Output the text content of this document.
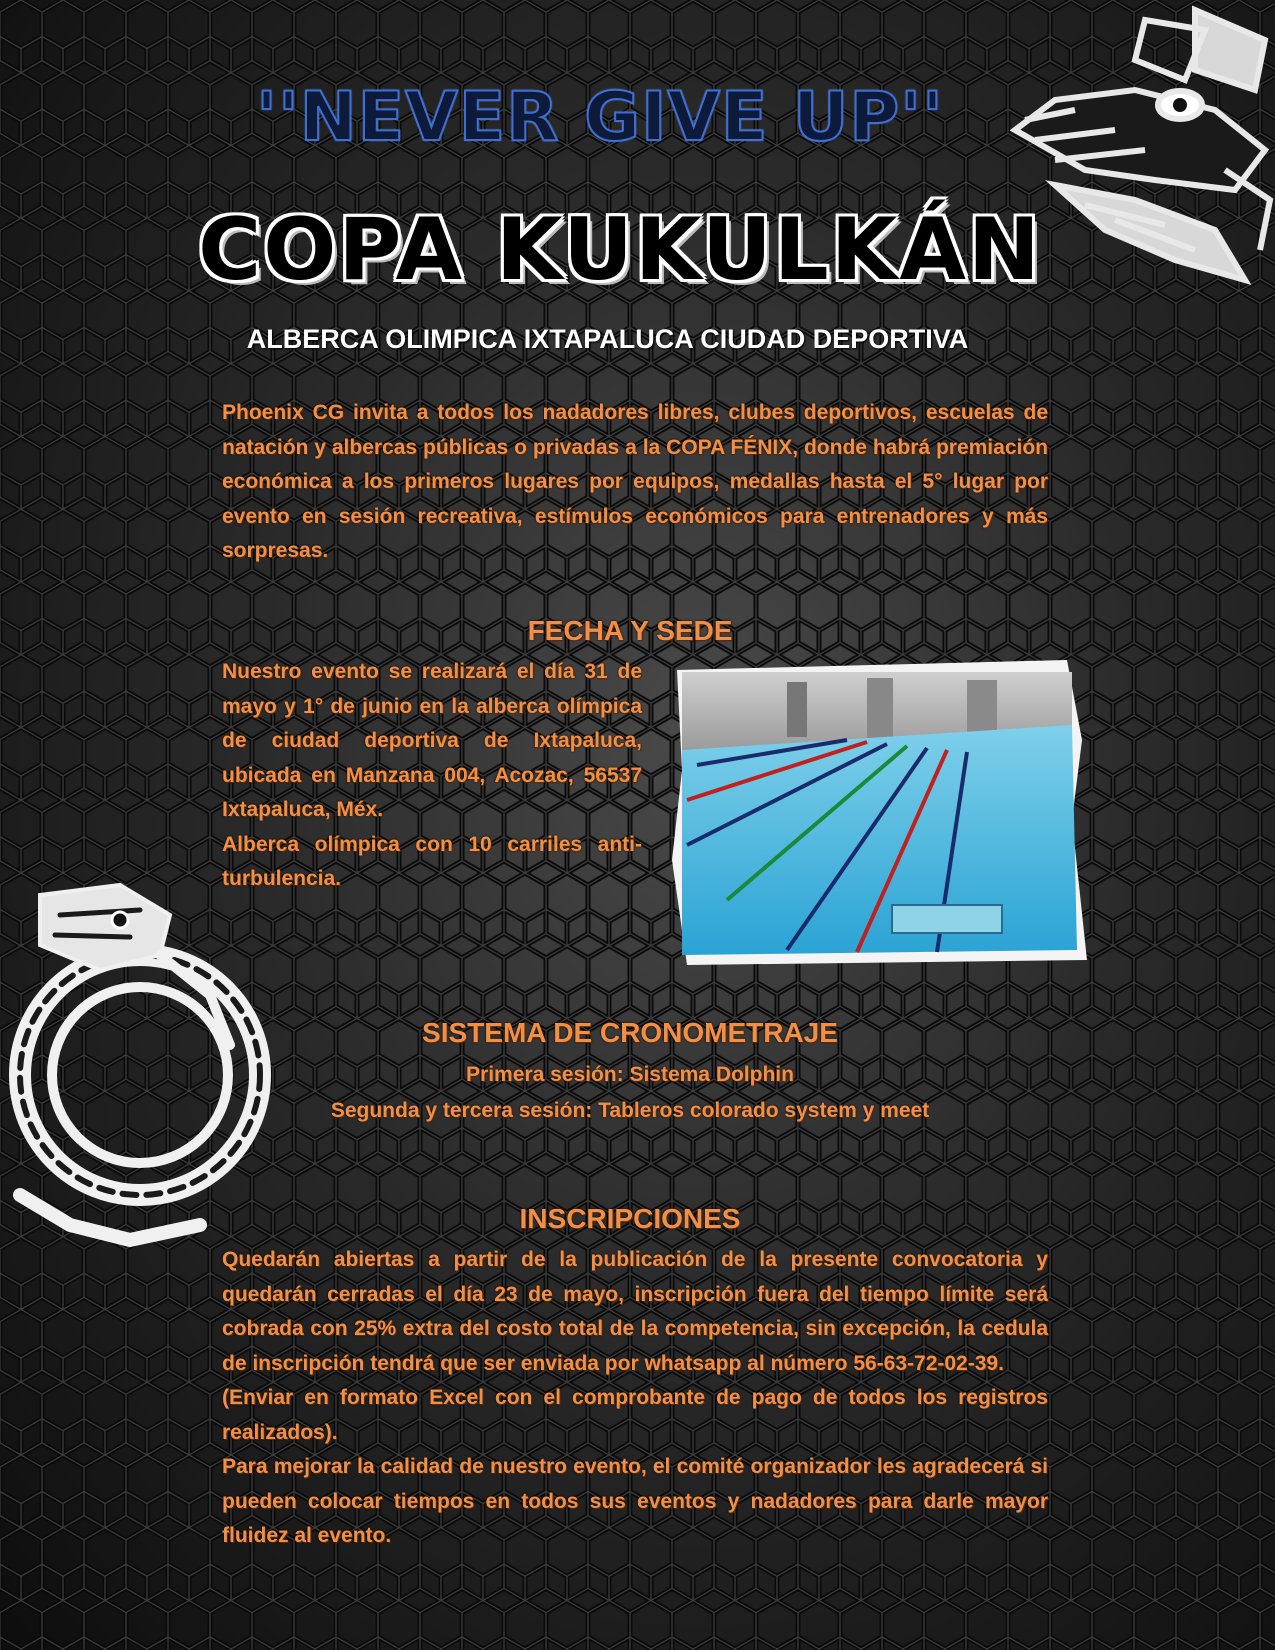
''NEVER GIVE UP''
COPA KUKULKÁN
ALBERCA OLIMPICA IXTAPALUCA CIUDAD DEPORTIVA
Phoenix CG invita a todos los nadadores libres, clubes deportivos, escuelas de natación y albercas públicas o privadas a la COPA FÉNIX, donde habrá premiación económica a los primeros lugares por equipos, medallas hasta el 5° lugar por evento en sesión recreativa, estímulos económicos para entrenadores y más sorpresas.
FECHA Y SEDE
Nuestro evento se realizará el día 31 de mayo y 1° de junio en la alberca olímpica de ciudad deportiva de Ixtapaluca, ubicada en Manzana 004, Acozac, 56537 Ixtapaluca, Méx.
Alberca olímpica con 10 carriles anti-turbulencia.
SISTEMA DE CRONOMETRAJE
Primera sesión: Sistema Dolphin
Segunda y tercera sesión: Tableros colorado system y meet
INSCRIPCIONES
Quedarán abiertas a partir de la publicación de la presente convocatoria y quedarán cerradas el día 23 de mayo, inscripción fuera del tiempo límite será cobrada con 25% extra del costo total de la competencia, sin excepción, la cedula de inscripción tendrá que ser enviada por whatsapp al número 56-63-72-02-39.
(Enviar en formato Excel con el comprobante de pago de todos los registros realizados).
Para mejorar la calidad de nuestro evento, el comité organizador les agradecerá si pueden colocar tiempos en todos sus eventos y nadadores para darle mayor fluidez al evento.
